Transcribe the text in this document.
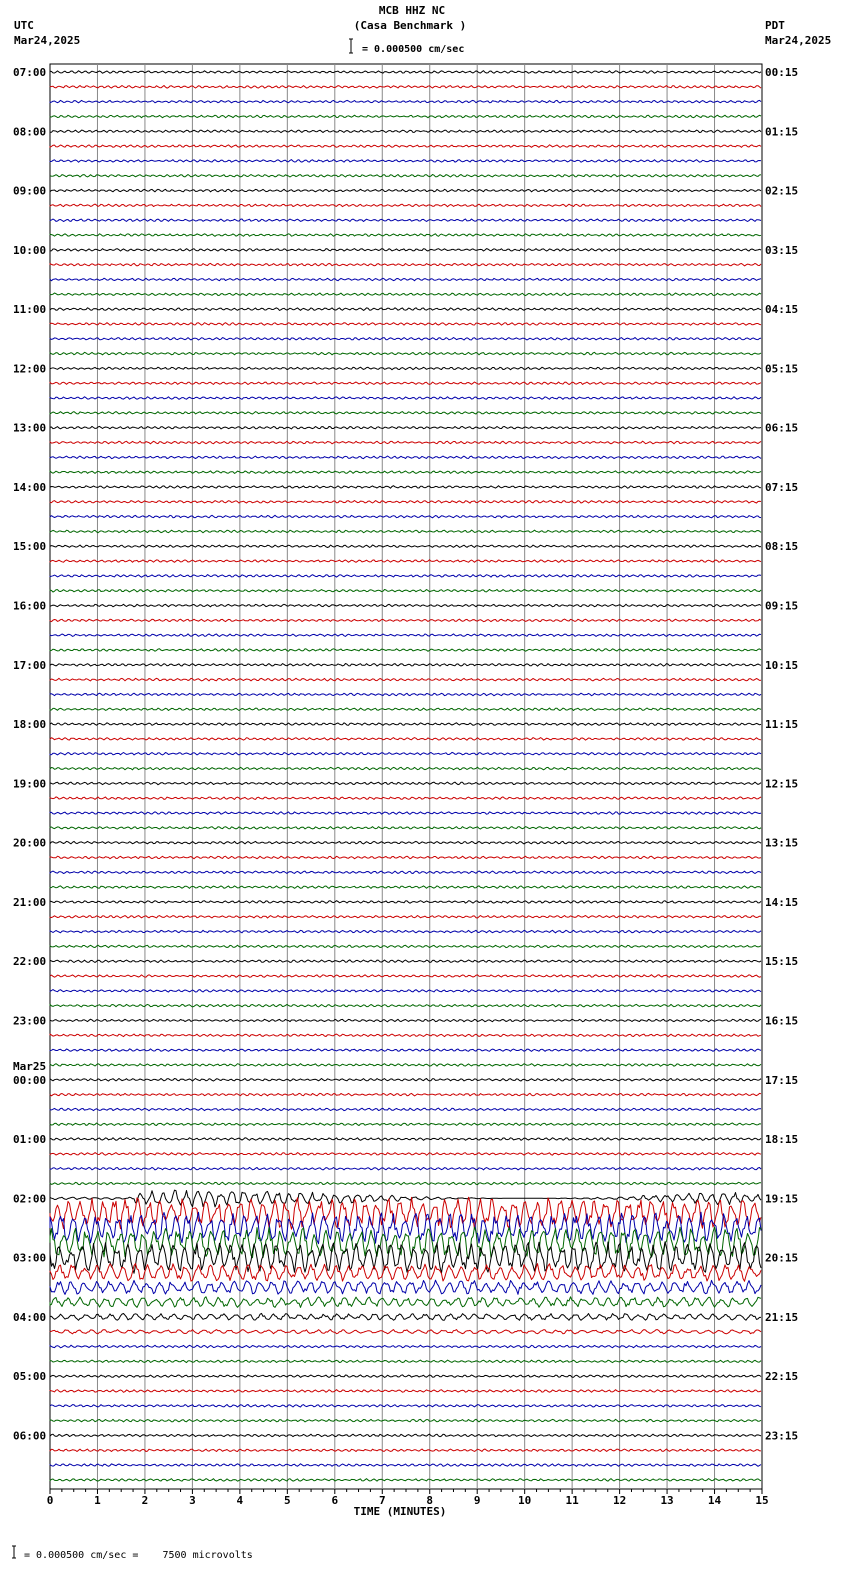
MCB HHZ NC
(Casa Benchmark )
= 0.000500 cm/sec
UTC
Mar24,2025
PDT
Mar24,2025
= 0.000500 cm/sec =    7500 microvolts
0	1	2	3	4	5	6	7	8	9	10	11	12	13	14	15
TIME (MINUTES)
07:00
08:00
09:00
10:00
11:00
12:00
13:00
14:00
15:00
16:00
17:00
18:00
19:00
20:00
21:00
22:00
23:00
00:00
Mar25
01:00
02:00
03:00
04:00
05:00
06:00
00:15
01:15
02:15
03:15
04:15
05:15
06:15
07:15
08:15
09:15
10:15
11:15
12:15
13:15
14:15
15:15
16:15
17:15
18:15
19:15
20:15
21:15
22:15
23:15
